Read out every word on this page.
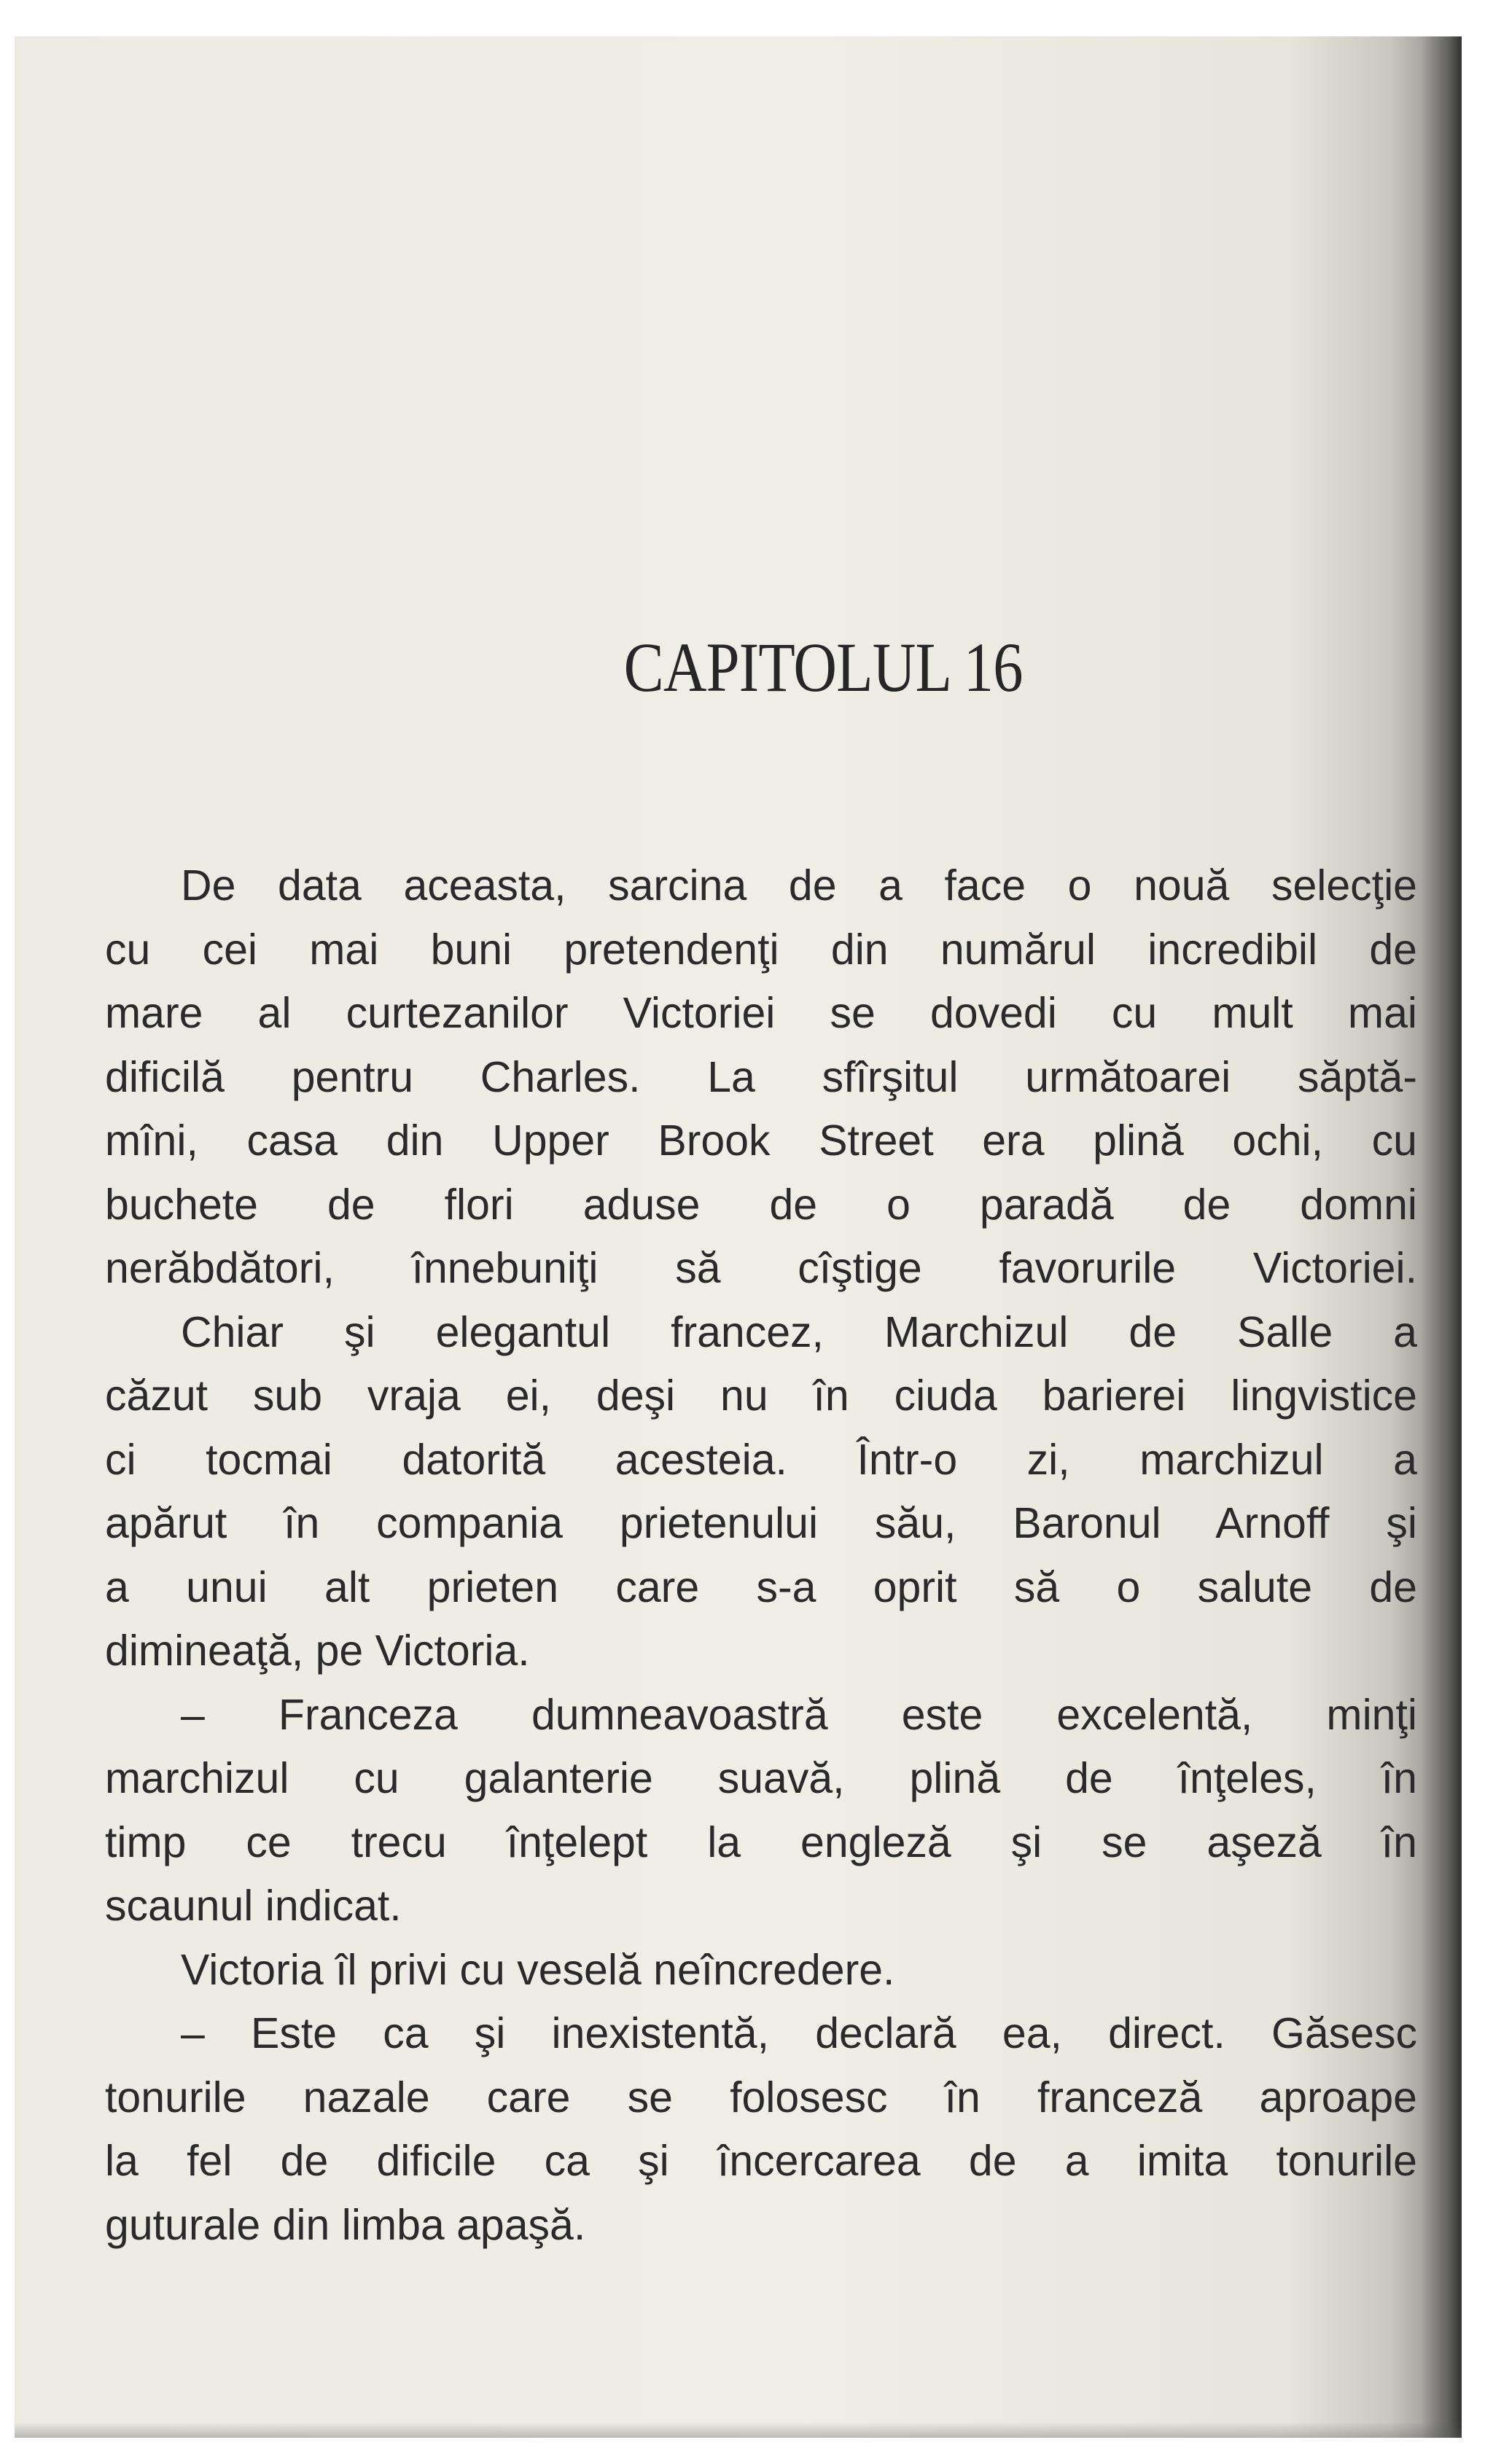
CAPITOLUL 16
De data aceasta, sarcina de a face o nouă selecţie
cu cei mai buni pretendenţi din numărul incredibil de
mare al curtezanilor Victoriei se dovedi cu mult mai
dificilă pentru Charles. La sfîrşitul următoarei săptă-
mîni, casa din Upper Brook Street era plină ochi, cu
buchete de flori aduse de o paradă de domni
nerăbdători, înnebuniţi să cîştige favorurile Victoriei.
Chiar şi elegantul francez, Marchizul de Salle a
căzut sub vraja ei, deşi nu în ciuda barierei lingvistice
ci tocmai datorită acesteia. Într-o zi, marchizul a
apărut în compania prietenului său, Baronul Arnoff şi
a unui alt prieten care s-a oprit să o salute de
dimineaţă, pe Victoria.
– Franceza dumneavoastră este excelentă, minţi
marchizul cu galanterie suavă, plină de înţeles, în
timp ce trecu înţelept la engleză şi se aşeză în
scaunul indicat.
Victoria îl privi cu veselă neîncredere.
– Este ca şi inexistentă, declară ea, direct. Găsesc
tonurile nazale care se folosesc în franceză aproape
la fel de dificile ca şi încercarea de a imita tonurile
guturale din limba apaşă.
